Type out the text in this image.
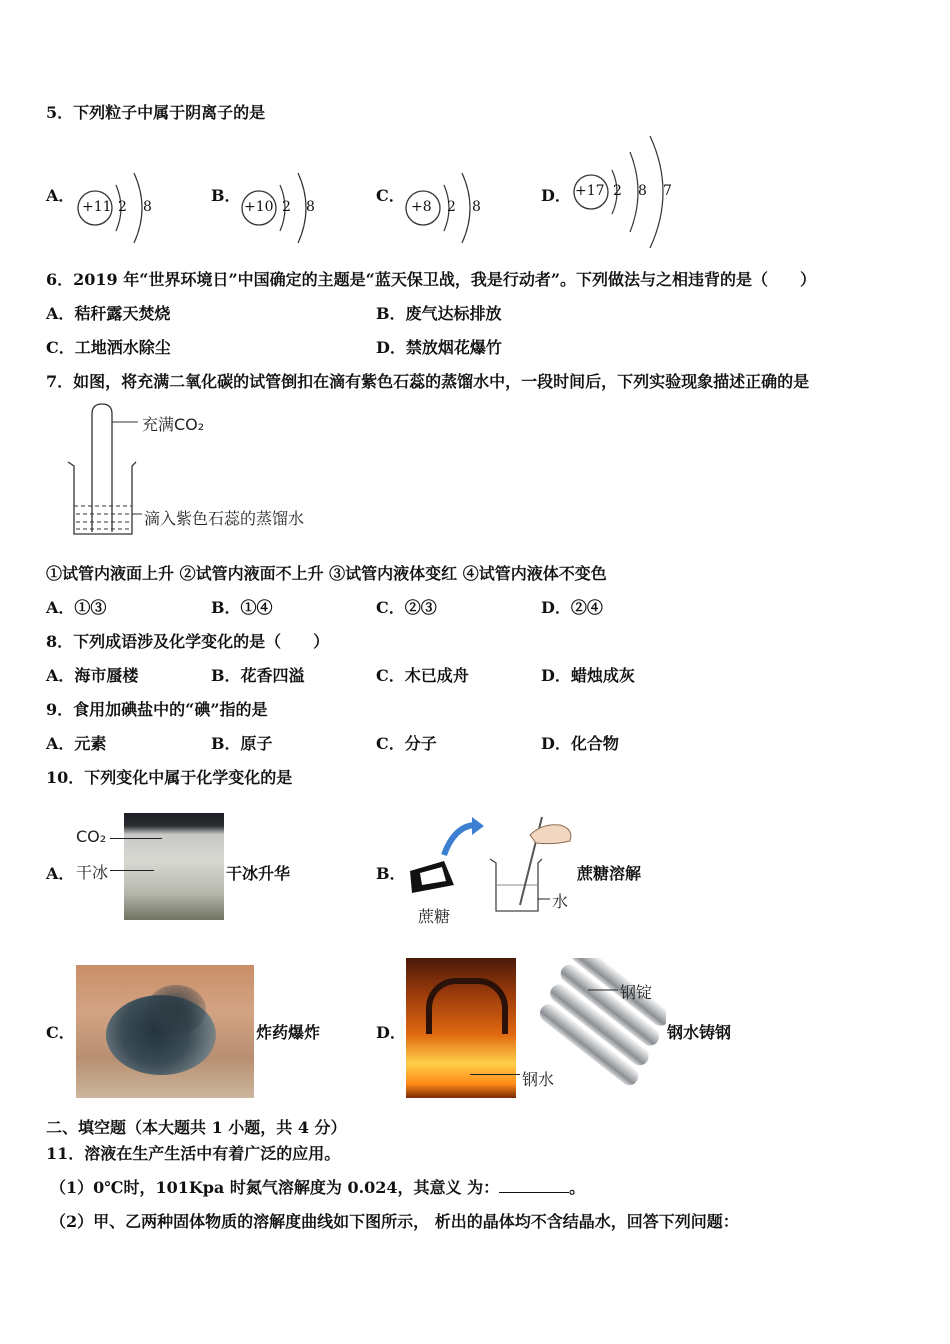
5．下列粒子中属于阴离子的是
A．
+11 2 8
B．
+10 2 8
C．
+8 2 8
D． +17 2 8 7
6．2019 年“世界环境日”中国确定的主题是“蓝天保卫战，我是行动者”。下列做法与之相违背的是（　　）
A．秸秆露天焚烧	B．废气达标排放
C．工地洒水除尘	D．禁放烟花爆竹
7．如图，将充满二氧化碳的试管倒扣在滴有紫色石蕊的蒸馏水中，一段时间后，下列实验现象描述正确的是
充满CO₂
滴入紫色石蕊的蒸馏水
①试管内液面上升 ②试管内液面不上升 ③试管内液体变红 ④试管内液体不变色
A．①③	B．①④	C．②③	D．②④
8．下列成语涉及化学变化的是（　　）
A．海市蜃楼	B．花香四溢	C．木已成舟	D．蜡烛成灰
9．食用加碘盐中的“碘”指的是
A．元素	B．原子	C．分子	D．化合物
10．下列变化中属于化学变化的是
A．
CO₂
干冰	干冰升华	B．
蔗糖
水
蔗糖溶解
C．	炸药爆炸	D．
钢锭
钢水
钢水铸钢
二、填空题（本大题共 1 小题，共 4 分）
11．溶液在生产生活中有着广泛的应用。
（1）0℃时，101Kpa 时氮气溶解度为 0.024，其意义 为：	。
（2）甲、乙两种固体物质的溶解度曲线如下图所示， 析出的晶体均不含结晶水，回答下列问题：
